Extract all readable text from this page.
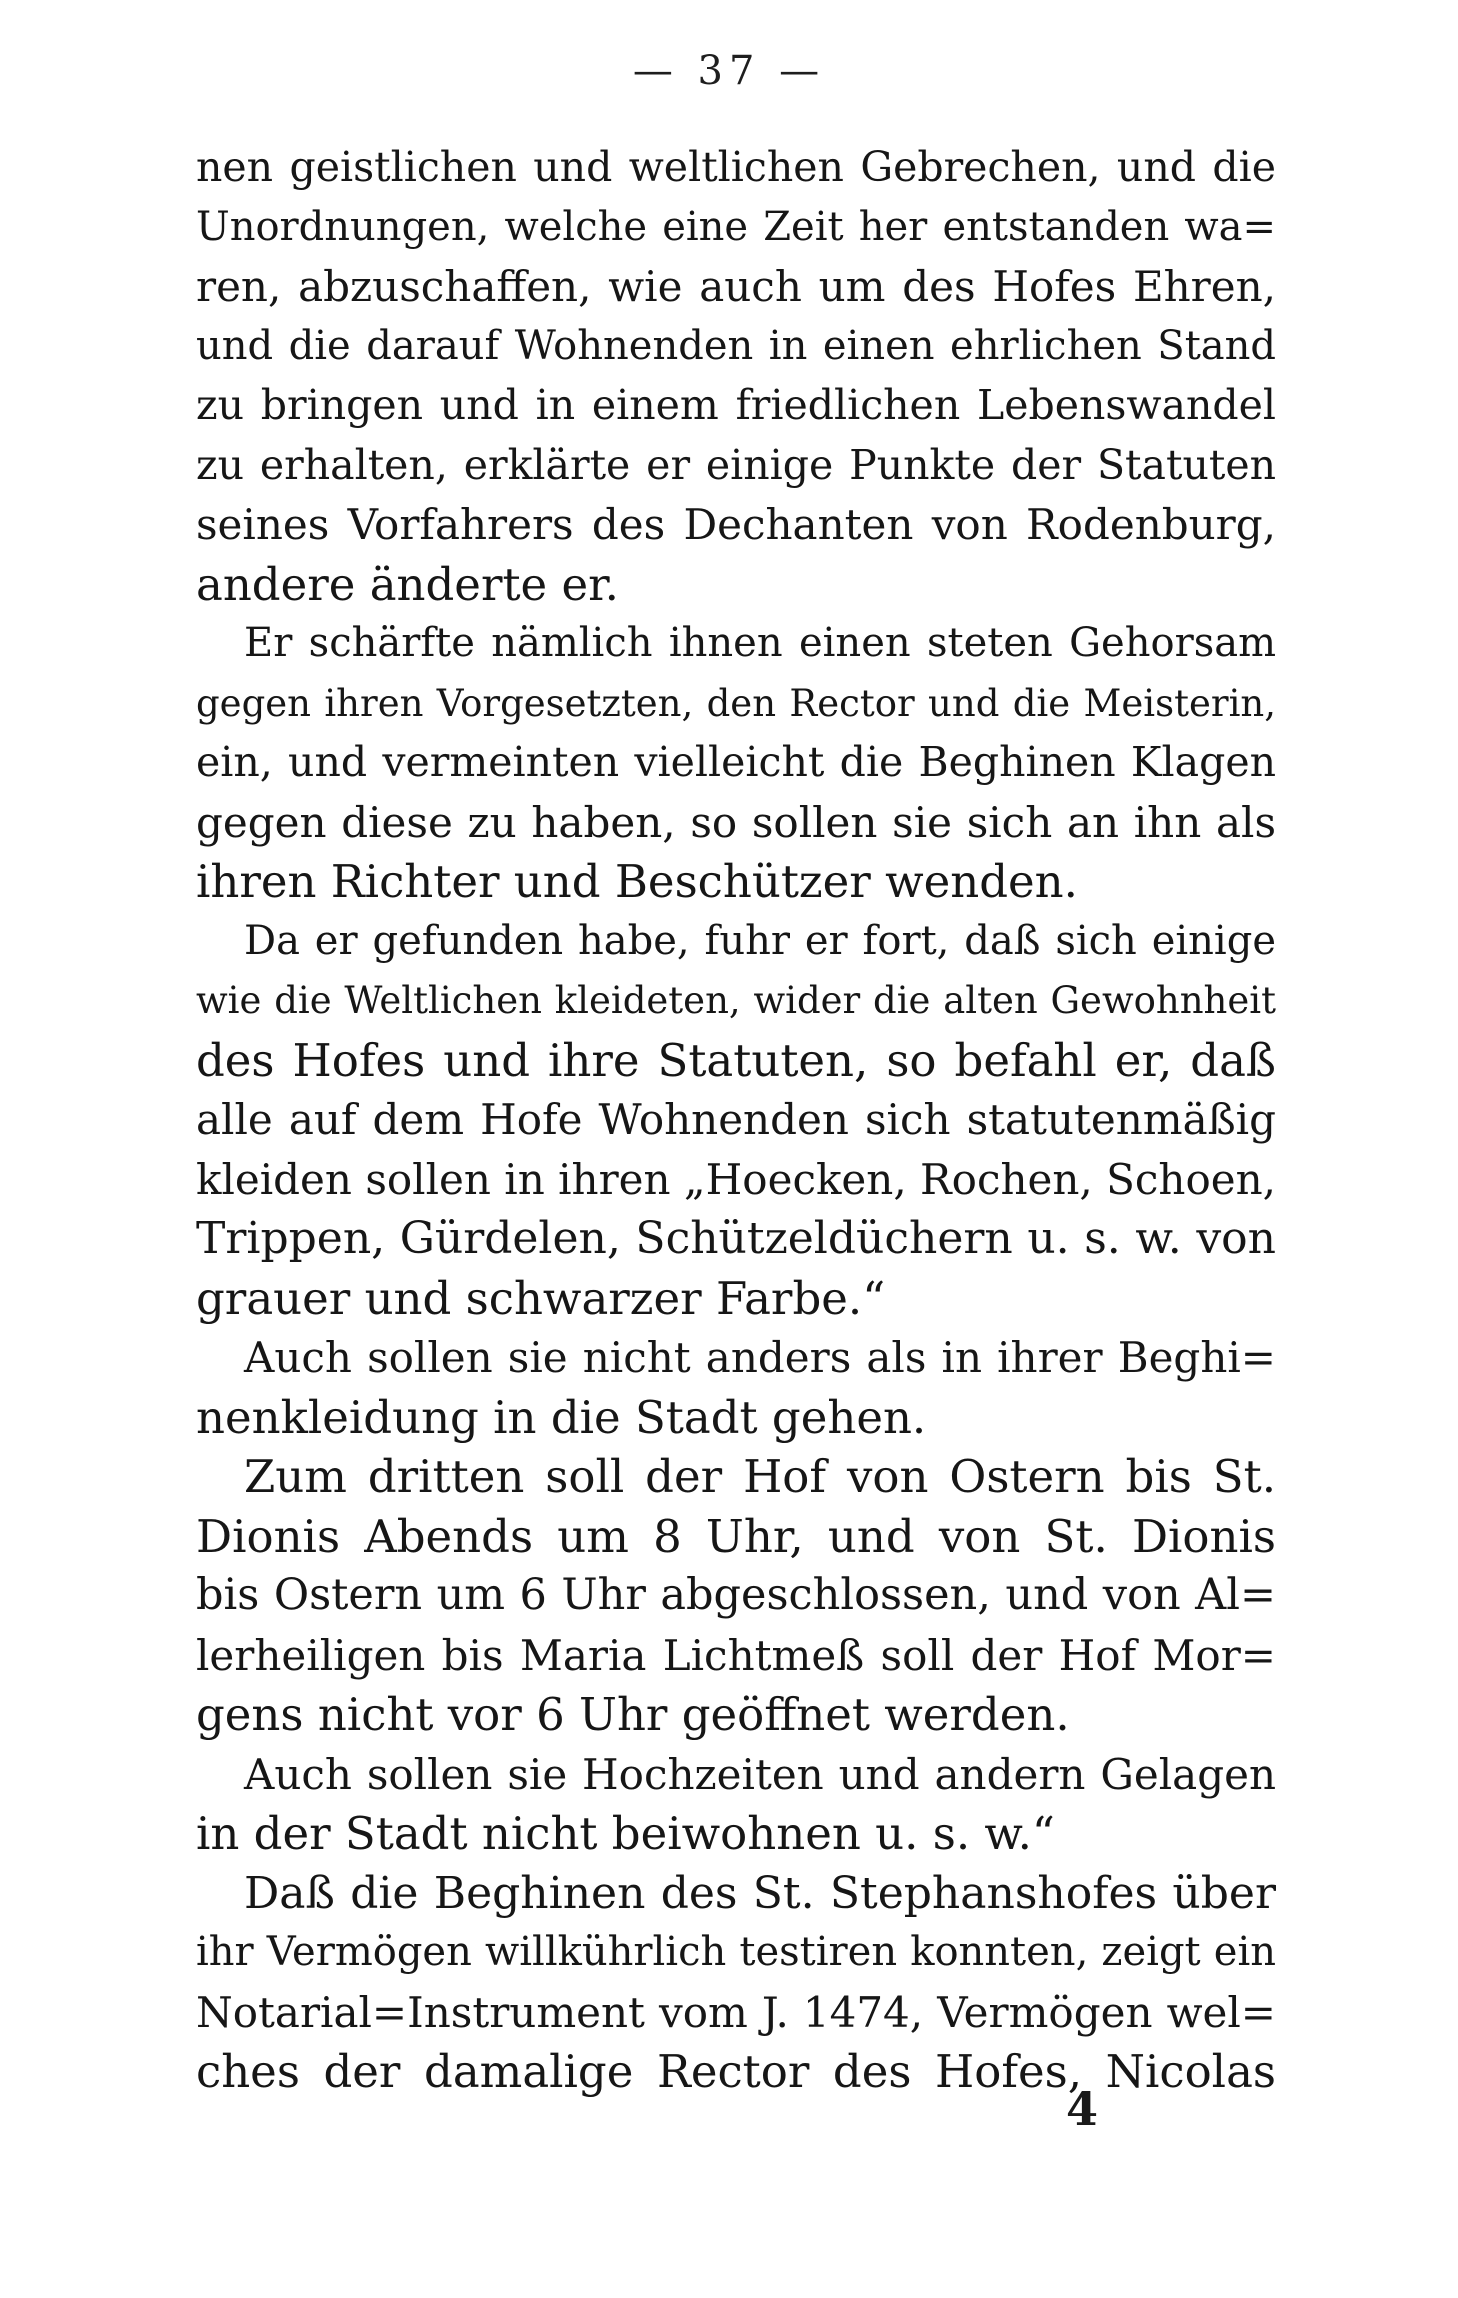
— 37 —
nen geistlichen und weltlichen Gebrechen, und die
Unordnungen, welche eine Zeit her entstanden wa=
ren, abzuschaffen, wie auch um des Hofes Ehren,
und die darauf Wohnenden in einen ehrlichen Stand
zu bringen und in einem friedlichen Lebenswandel
zu erhalten, erklärte er einige Punkte der Statuten
seines Vorfahrers des Dechanten von Rodenburg,
andere änderte er.
Er schärfte nämlich ihnen einen steten Gehorsam
gegen ihren Vorgesetzten, den Rector und die Meisterin,
ein, und vermeinten vielleicht die Beghinen Klagen
gegen diese zu haben, so sollen sie sich an ihn als
ihren Richter und Beschützer wenden.
Da er gefunden habe, fuhr er fort, daß sich einige
wie die Weltlichen kleideten, wider die alten Gewohnheit
des Hofes und ihre Statuten, so befahl er, daß
alle auf dem Hofe Wohnenden sich statutenmäßig
kleiden sollen in ihren „Hoecken, Rochen, Schoen,
Trippen, Gürdelen, Schützeldüchern u. s. w. von
grauer und schwarzer Farbe.“
Auch sollen sie nicht anders als in ihrer Beghi=
nenkleidung in die Stadt gehen.
Zum dritten soll der Hof von Ostern bis St.
Dionis Abends um 8 Uhr, und von St. Dionis
bis Ostern um 6 Uhr abgeschlossen, und von Al=
lerheiligen bis Maria Lichtmeß soll der Hof Mor=
gens nicht vor 6 Uhr geöffnet werden.
Auch sollen sie Hochzeiten und andern Gelagen
in der Stadt nicht beiwohnen u. s. w.“
Daß die Beghinen des St. Stephanshofes über
ihr Vermögen willkührlich testiren konnten, zeigt ein
Notarial=Instrument vom J. 1474, Vermögen wel=
ches der damalige Rector des Hofes, Nicolas
4
